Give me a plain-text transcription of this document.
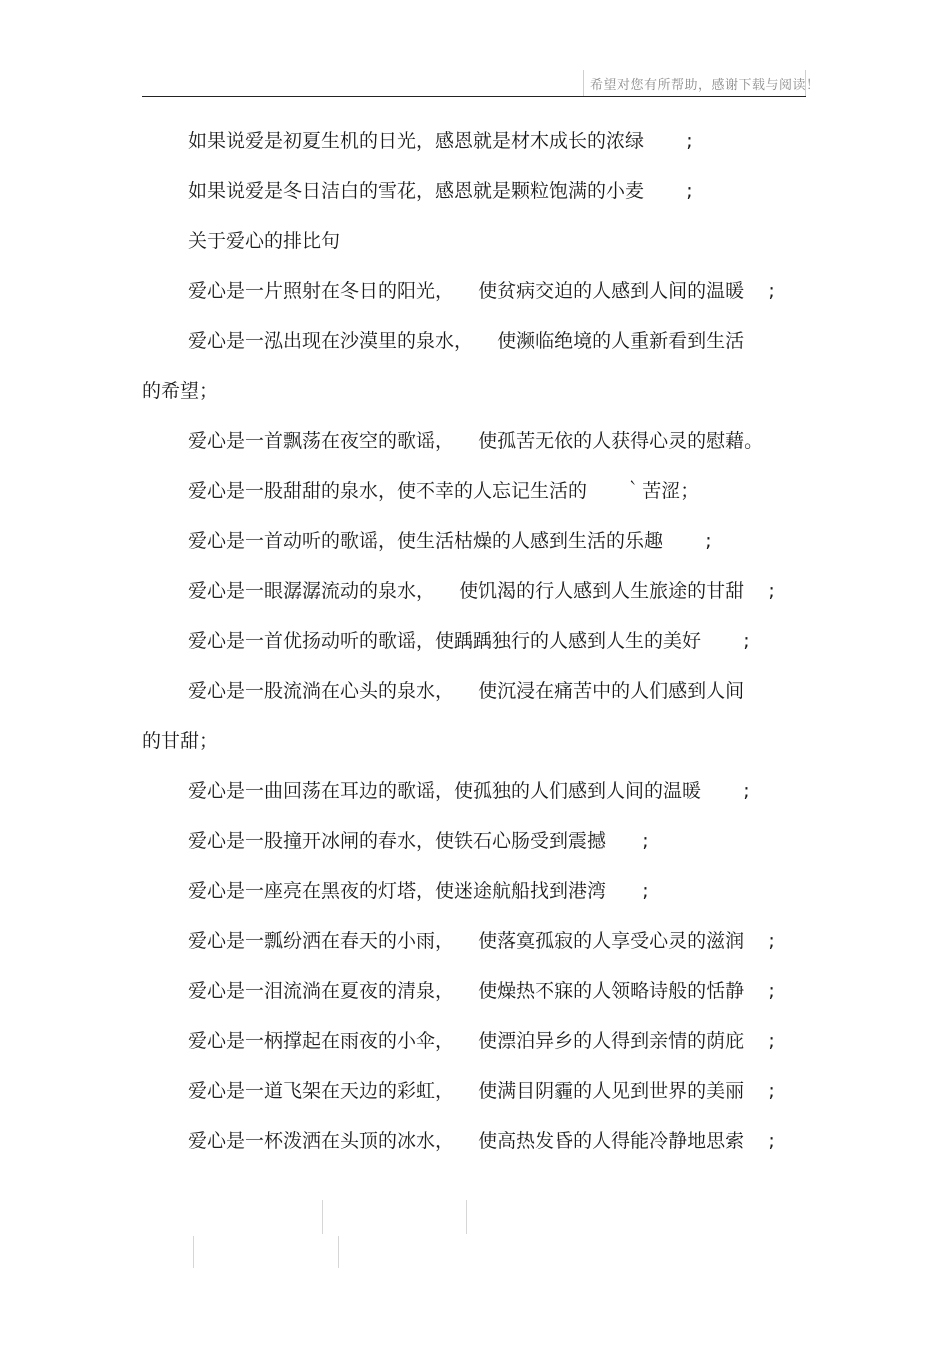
希望对您有所帮助，感谢下载与阅读！
如果说爱是初夏生机的日光，感恩就是材木成长的浓绿       ;
如果说爱是冬日洁白的雪花，感恩就是颗粒饱满的小麦       ;
关于爱心的排比句
爱心是一片照射在冬日的阳光，    使贫病交迫的人感到人间的温暖    ;
爱心是一泓出现在沙漠里的泉水，    使濒临绝境的人重新看到生活
的希望；
爱心是一首飘荡在夜空的歌谣，    使孤苦无依的人获得心灵的慰藉。
爱心是一股甜甜的泉水，使不幸的人忘记生活的      ｀苦涩；
爱心是一首动听的歌谣，使生活枯燥的人感到生活的乐趣       ;
爱心是一眼潺潺流动的泉水，    使饥渴的行人感到人生旅途的甘甜    ;
爱心是一首优扬动听的歌谣，使踽踽独行的人感到人生的美好       ;
爱心是一股流淌在心头的泉水，    使沉浸在痛苦中的人们感到人间
的甘甜；
爱心是一曲回荡在耳边的歌谣，使孤独的人们感到人间的温暖       ;
爱心是一股撞开冰闸的春水，使铁石心肠受到震撼      ;
爱心是一座亮在黑夜的灯塔，使迷途航船找到港湾      ;
爱心是一瓢纷洒在春天的小雨，    使落寞孤寂的人享受心灵的滋润    ;
爱心是一泪流淌在夏夜的清泉，    使燥热不寐的人领略诗般的恬静    ;
爱心是一柄撑起在雨夜的小伞，    使漂泊异乡的人得到亲情的荫庇    ;
爱心是一道飞架在天边的彩虹，    使满目阴霾的人见到世界的美丽    ;
爱心是一杯泼洒在头顶的冰水，    使高热发昏的人得能冷静地思索    ;
